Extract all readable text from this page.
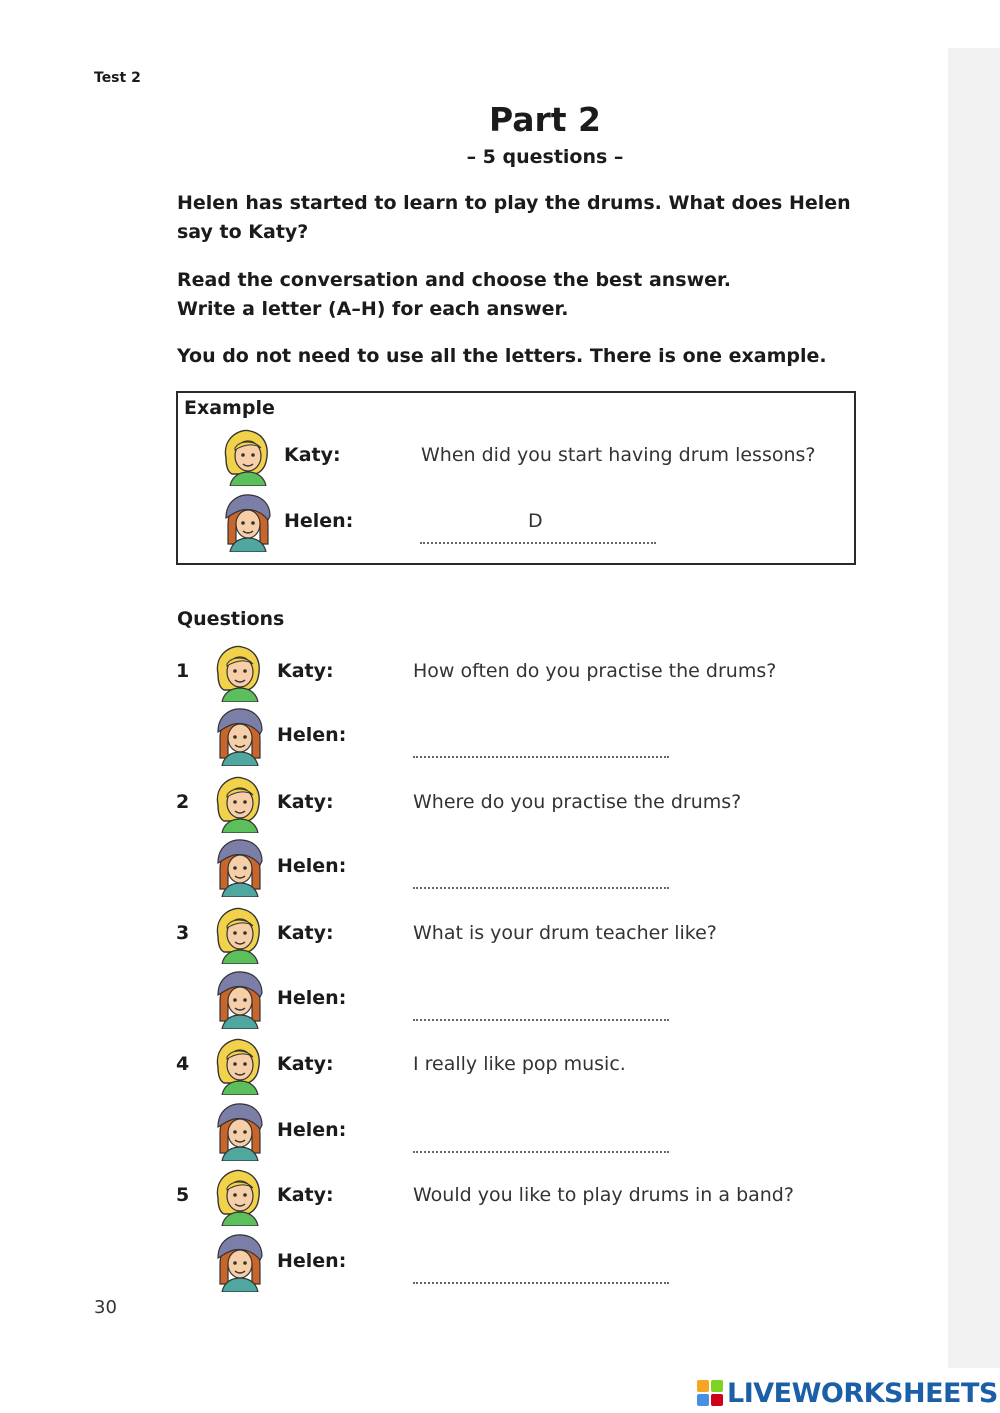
Test 2
Part 2
– 5 questions –
Helen has started to learn to play the drums. What does Helen say to Katy?
Read the conversation and choose the best answer.
Write a letter (A–H) for each answer.
You do not need to use all the letters. There is one example.
Example
Katy:	When did you start having drum lessons?
Helen:	D
Questions
1	Katy:	How often do you practise the drums?
Helen:
2	Katy:	Where do you practise the drums?
Helen:
3	Katy:	What is your drum teacher like?
Helen:
4	Katy:	I really like pop music.
Helen:
5	Katy:	Would you like to play drums in a band?
Helen:
30
LIVEWORKSHEETS
